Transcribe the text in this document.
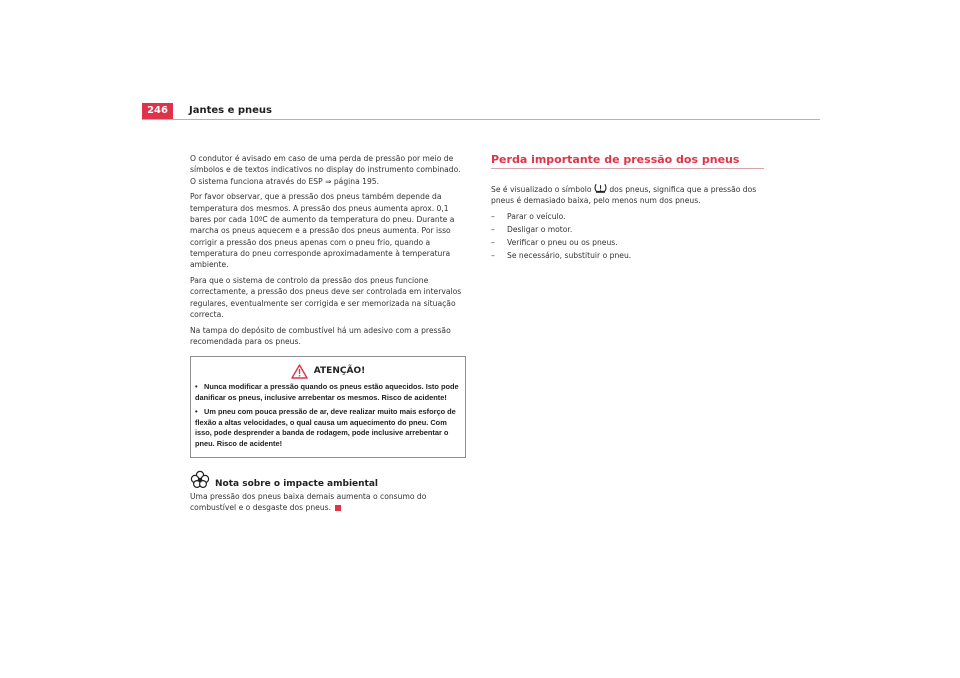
246	Jantes e pneus

O condutor é avisado em caso de uma perda de pressão por meio de símbolos e de textos indicativos no display do instrumento combinado. O sistema funciona através do ESP ⇒ página 195.

Por favor observar, que a pressão dos pneus também depende da temperatura dos mesmos. A pressão dos pneus aumenta aprox. 0,1 bares por cada 10ºC de aumento da temperatura do pneu. Durante a marcha os pneus aquecem e a pressão dos pneus aumenta. Por isso corrigir a pressão dos pneus apenas com o pneu frio, quando a temperatura do pneu corresponde aproximadamente à temperatura ambiente.

Para que o sistema de controlo da pressão dos pneus funcione correctamente, a pressão dos pneus deve ser controlada em intervalos regulares, eventualmente ser corrigida e ser memorizada na situação correcta.

Na tampa do depósito de combustível há um adesivo com a pressão recomendada para os pneus.

ATENÇÃO!
• Nunca modificar a pressão quando os pneus estão aquecidos. Isto pode danificar os pneus, inclusive arrebentar os mesmos. Risco de acidente!
• Um pneu com pouca pressão de ar, deve realizar muito mais esforço de flexão a altas velocidades, o qual causa um aquecimento do pneu. Com isso, pode desprender a banda de rodagem, pode inclusive arrebentar o pneu. Risco de acidente!
Nota sobre o impacte ambiental

Uma pressão dos pneus baixa demais aumenta o consumo do combustível e o desgaste dos pneus.

Perda importante de pressão dos pneus

Se é visualizado o símbolo dos pneus, significa que a pressão dos pneus é demasiado baixa, pelo menos num dos pneus.

–	Parar o veículo.
–	Desligar o motor.
–	Verificar o pneu ou os pneus.
–	Se necessário, substituir o pneu.
